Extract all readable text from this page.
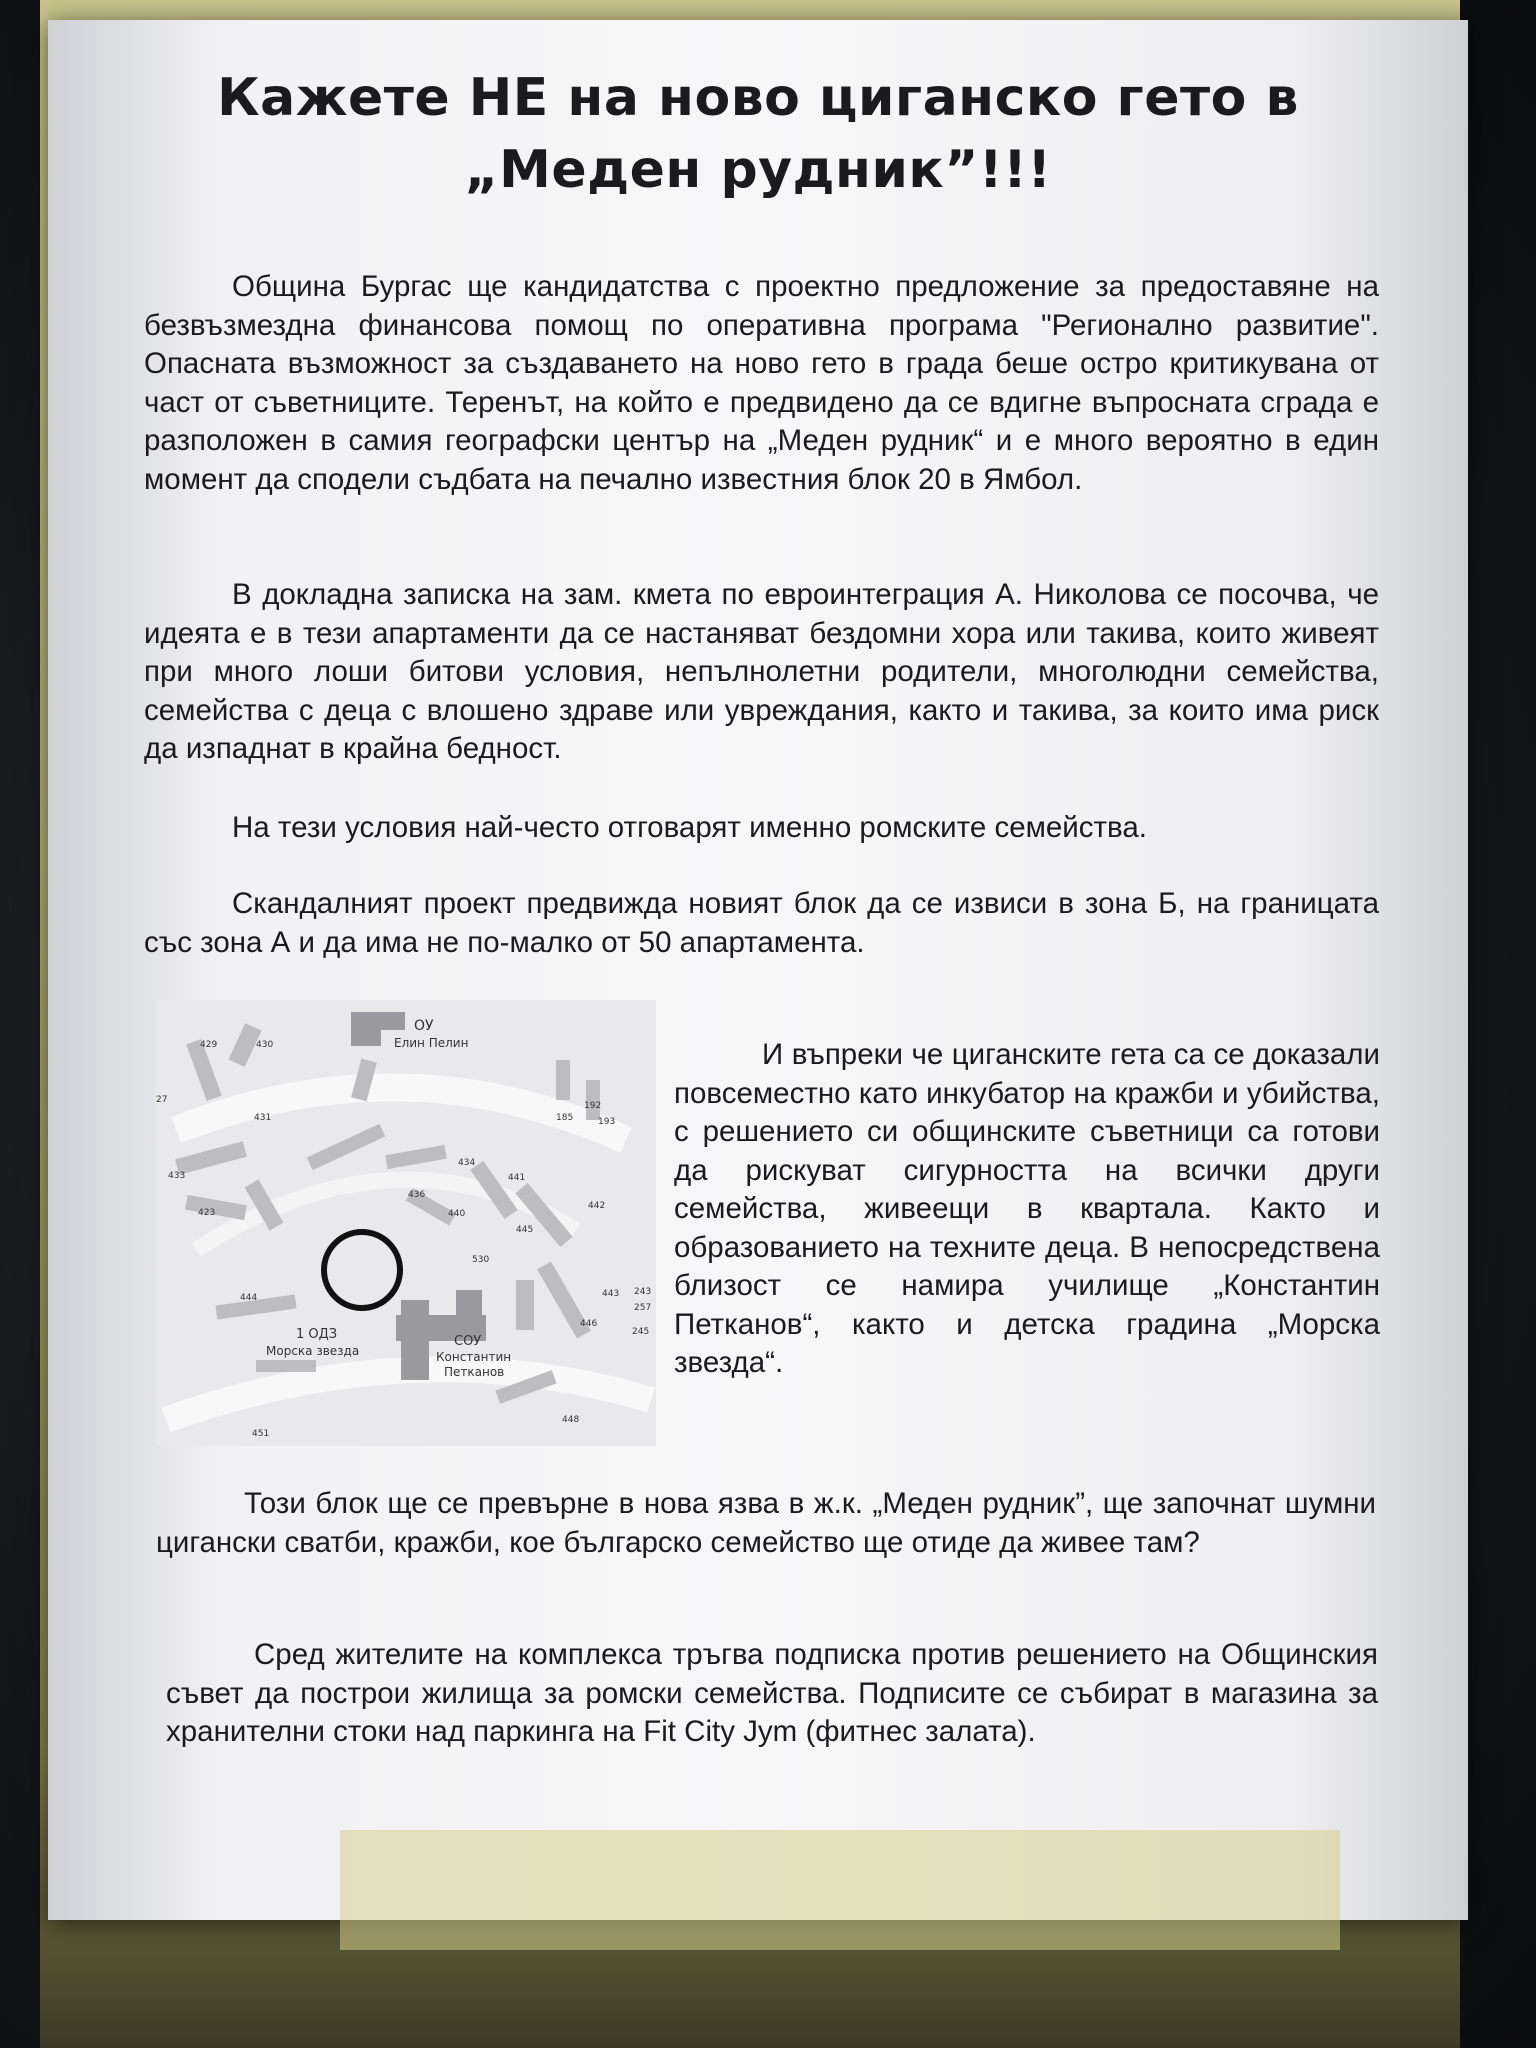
Кажете НЕ на ново циганско гето в
„Меден рудник”!!!

Община Бургас ще кандидатства с проектно предложение за предоставяне на безвъзмездна финансова помощ по оперативна програма "Регионално развитие". Опасната възможност за създаването на ново гето в града беше остро критикувана от част от съветниците. Теренът, на който е предвидено да се вдигне въпросната сграда е разположен в самия географски център на „Меден рудник“ и е много вероятно в един момент да сподели съдбата на печално известния блок 20 в Ямбол.

В докладна записка на зам. кмета по евроинтеграция А. Николова се посочва, че идеята е в тези апартаменти да се настаняват бездомни хора или такива, които живеят при много лоши битови условия, непълнолетни родители, многолюдни семейства, семейства с деца с влошено здраве или увреждания, както и такива, за които има риск да изпаднат в крайна бедност.

На тези условия най-често отговарят именно ромските семейства.

Скандалният проект предвижда новият блок да се извиси в зона Б, на границата със зона А и да има не по-малко от 50 апартамента.

ОУ
Елин Пелин
1 ОДЗ
Морска звезда
СОУ
Константин
Петканов
429	430
27
431
433
423
444
451
434
436
440
441
445
530
442
185
192
193
443 243
257
245
446
448

И въпреки че циганските гета са се доказали повсеместно като инкубатор на кражби и убийства, с решението си общинските съветници са готови да рискуват сигурността на всички други семейства, живеещи в квартала. Както и образованието на техните деца. В непосредствена близост се намира училище „Константин Петканов“, както и детска градина „Морска звезда“.

Този блок ще се превърне в нова язва в ж.к. „Меден рудник”, ще започнат шумни цигански сватби, кражби, кое българско семейство ще отиде да живее там?

Сред жителите на комплекса тръгва подписка против решението на Общинския съвет да построи жилища за ромски семейства. Подписите се събират в магазина за хранителни стоки над паркинга на Fit City Jym (фитнес залата).
